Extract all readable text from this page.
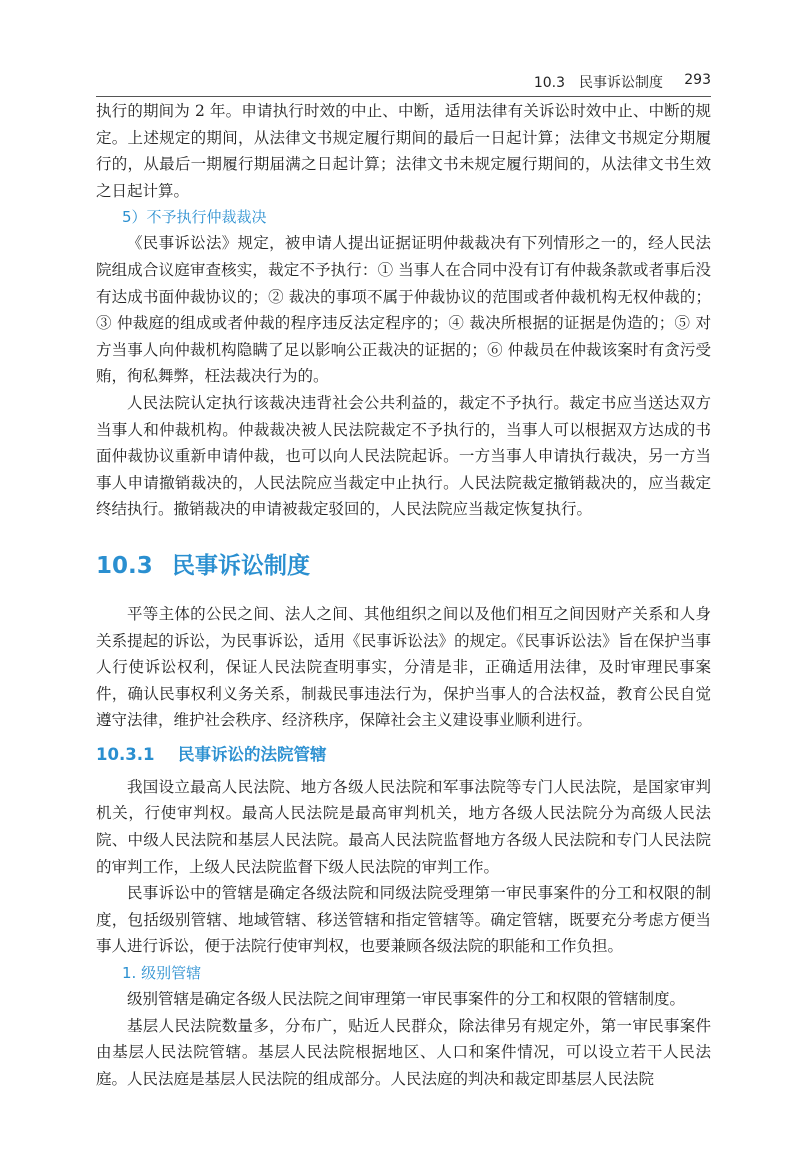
10.3　民事诉讼制度 293

执行的期间为 2 年。申请执行时效的中止、中断，适用法律有关诉讼时效中止、中断的规定。上述规定的期间，从法律文书规定履行期间的最后一日起计算；法律文书规定分期履行的，从最后一期履行期届满之日起计算；法律文书未规定履行期间的，从法律文书生效之日起计算。

5）不予执行仲裁裁决

《民事诉讼法》规定，被申请人提出证据证明仲裁裁决有下列情形之一的，经人民法院组成合议庭审查核实，裁定不予执行：① 当事人在合同中没有订有仲裁条款或者事后没有达成书面仲裁协议的；② 裁决的事项不属于仲裁协议的范围或者仲裁机构无权仲裁的；③ 仲裁庭的组成或者仲裁的程序违反法定程序的；④ 裁决所根据的证据是伪造的；⑤ 对方当事人向仲裁机构隐瞒了足以影响公正裁决的证据的；⑥ 仲裁员在仲裁该案时有贪污受贿，徇私舞弊，枉法裁决行为的。

人民法院认定执行该裁决违背社会公共利益的，裁定不予执行。裁定书应当送达双方当事人和仲裁机构。仲裁裁决被人民法院裁定不予执行的，当事人可以根据双方达成的书面仲裁协议重新申请仲裁，也可以向人民法院起诉。一方当事人申请执行裁决，另一方当事人申请撤销裁决的，人民法院应当裁定中止执行。人民法院裁定撤销裁决的，应当裁定终结执行。撤销裁决的申请被裁定驳回的，人民法院应当裁定恢复执行。

10.3 民事诉讼制度

平等主体的公民之间、法人之间、其他组织之间以及他们相互之间因财产关系和人身关系提起的诉讼，为民事诉讼，适用《民事诉讼法》的规定。《民事诉讼法》旨在保护当事人行使诉讼权利，保证人民法院查明事实，分清是非，正确适用法律，及时审理民事案件，确认民事权利义务关系，制裁民事违法行为，保护当事人的合法权益，教育公民自觉遵守法律，维护社会秩序、经济秩序，保障社会主义建设事业顺利进行。

10.3.1 民事诉讼的法院管辖

我国设立最高人民法院、地方各级人民法院和军事法院等专门人民法院，是国家审判机关，行使审判权。最高人民法院是最高审判机关，地方各级人民法院分为高级人民法院、中级人民法院和基层人民法院。最高人民法院监督地方各级人民法院和专门人民法院的审判工作，上级人民法院监督下级人民法院的审判工作。

民事诉讼中的管辖是确定各级法院和同级法院受理第一审民事案件的分工和权限的制度，包括级别管辖、地域管辖、移送管辖和指定管辖等。确定管辖，既要充分考虑方便当事人进行诉讼，便于法院行使审判权，也要兼顾各级法院的职能和工作负担。

1. 级别管辖

级别管辖是确定各级人民法院之间审理第一审民事案件的分工和权限的管辖制度。

基层人民法院数量多，分布广，贴近人民群众，除法律另有规定外，第一审民事案件由基层人民法院管辖。基层人民法院根据地区、人口和案件情况，可以设立若干人民法庭。人民法庭是基层人民法院的组成部分。人民法庭的判决和裁定即基层人民法院
